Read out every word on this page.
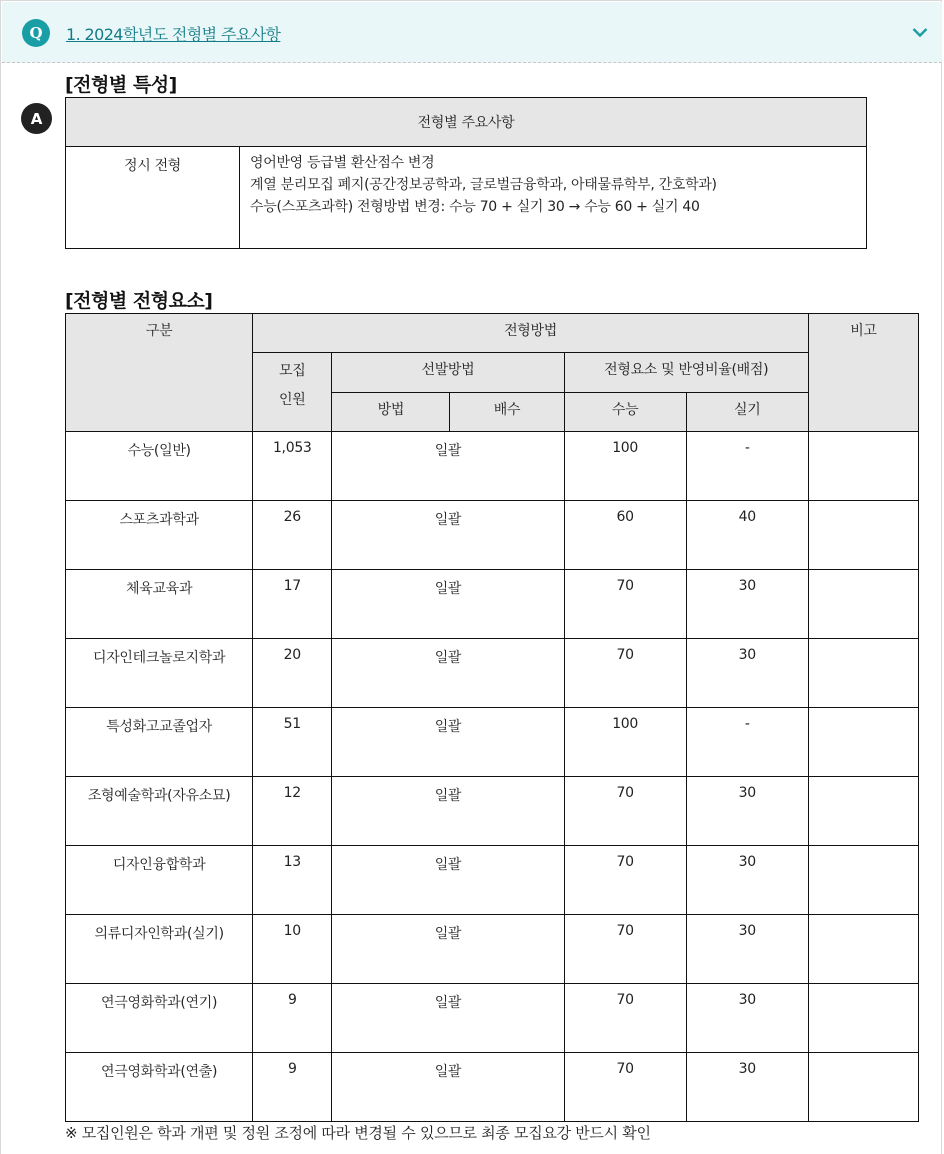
Q	1. 2024학년도 전형별 주요사항
A
[전형별 특성]
전형별 주요사항
정시 전형	영어반영 등급별 환산점수 변경
계열 분리모집 폐지(공간정보공학과, 글로벌금융학과, 아태물류학부, 간호학과)
수능(스포츠과학) 전형방법 변경: 수능 70 + 실기 30 → 수능 60 + 실기 40
[전형별 전형요소]
구분	전형방법					비고

	모집
인원	선발방법		전형요소 및 반영비율(배점)		
		방법	배수	수능	실기	
수능(일반)	1,053	일괄		100	-	
스포츠과학과	26	일괄		60	40	
체육교육과	17	일괄		70	30	
디자인테크놀로지학과	20	일괄		70	30	
특성화고교졸업자	51	일괄		100	-	
조형예술학과(자유소묘)	12	일괄		70	30	
디자인융합학과	13	일괄		70	30	
의류디자인학과(실기)	10	일괄		70	30	
연극영화학과(연기)	9	일괄		70	30	
연극영화학과(연출)	9	일괄		70	30	
※ 모집인원은 학과 개편 및 정원 조정에 따라 변경될 수 있으므로 최종 모집요강 반드시 확인
